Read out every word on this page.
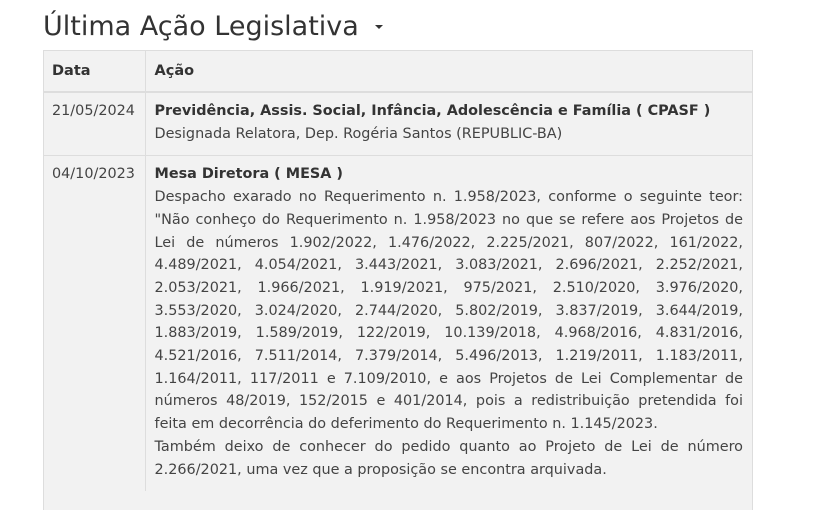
Última Ação Legislativa
Data	Ação
21/05/2024	Previdência, Assis. Social, Infância, Adolescência e Família ( CPASF )
Designada Relatora, Dep. Rogéria Santos (REPUBLIC-BA)

04/10/2023	Mesa Diretora ( MESA )
Despacho exarado no Requerimento n. 1.958/2023, conforme o seguinte teor: "Não conheço do Requerimento n. 1.958/2023 no que se refere aos Projetos de Lei de números 1.902/2022, 1.476/2022, 2.225/2021, 807/2022, 161/2022, 4.489/2021, 4.054/2021, 3.443/2021, 3.083/2021, 2.696/2021, 2.252/2021, 2.053/2021, 1.966/2021, 1.919/2021, 975/2021, 2.510/2020, 3.976/2020, 3.553/2020, 3.024/2020, 2.744/2020, 5.802/2019, 3.837/2019, 3.644/2019, 1.883/2019, 1.589/2019, 122/2019, 10.139/2018, 4.968/2016, 4.831/2016, 4.521/2016, 7.511/2014, 7.379/2014, 5.496/2013, 1.219/2011, 1.183/2011, 1.164/2011, 117/2011 e 7.109/2010, e aos Projetos de Lei Complementar de números 48/2019, 152/2015 e 401/2014, pois a redistribuição pretendida foi feita em decorrência do deferimento do Requerimento n. 1.145/2023.
Também deixo de conhecer do pedido quanto ao Projeto de Lei de número 2.266/2021, uma vez que a proposição se encontra arquivada.
